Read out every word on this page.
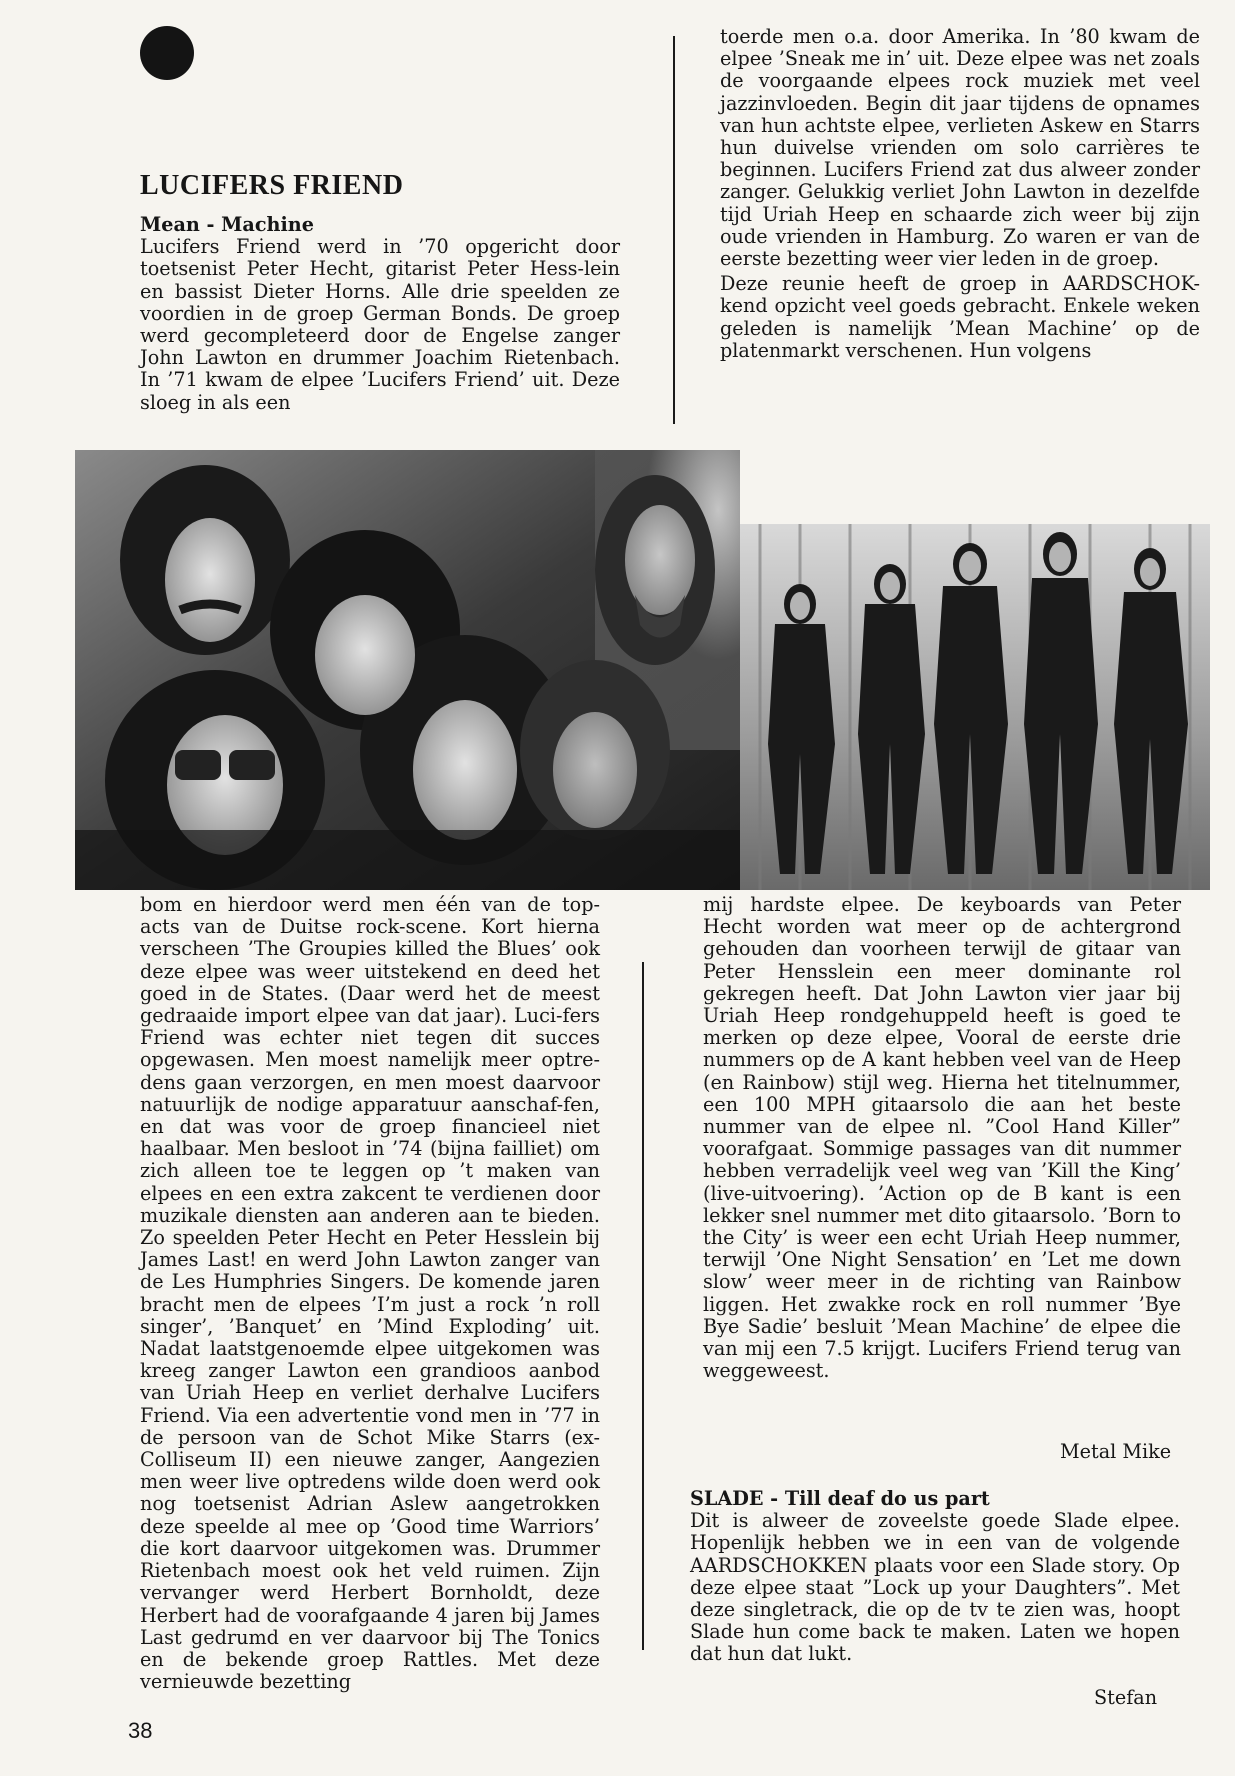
LUCIFERS FRIEND
Mean - Machine

Lucifers Friend werd in ’70 opgericht door toetsenist Peter Hecht, gitarist Peter Hess-lein en bassist Dieter Horns. Alle drie speelden ze voordien in de groep German Bonds. De groep werd gecompleteerd door de Engelse zanger John Lawton en drummer Joachim Rietenbach. In ’71 kwam de elpee ’Lucifers Friend’ uit. Deze sloeg in als een

toerde men o.a. door Amerika. In ’80 kwam de elpee ’Sneak me in’ uit. Deze elpee was net zoals de voorgaande elpees rock muziek met veel jazzinvloeden. Begin dit jaar tijdens de opnames van hun achtste elpee, verlieten Askew en Starrs hun duivelse vrienden om solo carrières te beginnen. Lucifers Friend zat dus alweer zonder zanger. Gelukkig verliet John Lawton in dezelfde tijd Uriah Heep en schaarde zich weer bij zijn oude vrienden in Hamburg. Zo waren er van de eerste bezetting weer vier leden in de groep.

Deze reunie heeft de groep in AARDSCHOK-kend opzicht veel goeds gebracht. Enkele weken geleden is namelijk ’Mean Machine’ op de platenmarkt verschenen. Hun volgens

bom en hierdoor werd men één van de top-acts van de Duitse rock-scene. Kort hierna verscheen ’The Groupies killed the Blues’ ook deze elpee was weer uitstekend en deed het goed in de States. (Daar werd het de meest gedraaide import elpee van dat jaar). Luci-fers Friend was echter niet tegen dit succes opgewasen. Men moest namelijk meer optre-dens gaan verzorgen, en men moest daarvoor natuurlijk de nodige apparatuur aanschaf-fen, en dat was voor de groep financieel niet haalbaar. Men besloot in ’74 (bijna failliet) om zich alleen toe te leggen op ’t maken van elpees en een extra zakcent te verdienen door muzikale diensten aan anderen aan te bieden. Zo speelden Peter Hecht en Peter Hesslein bij James Last! en werd John Lawton zanger van de Les Humphries Singers. De komende jaren bracht men de elpees ’I’m just a rock ’n roll singer’, ’Banquet’ en ’Mind Exploding’ uit. Nadat laatstgenoemde elpee uitgekomen was kreeg zanger Lawton een grandioos aanbod van Uriah Heep en verliet derhalve Lucifers Friend. Via een advertentie vond men in ’77 in de persoon van de Schot Mike Starrs (ex-Colliseum II) een nieuwe zanger, Aangezien men weer live optredens wilde doen werd ook nog toetsenist Adrian Aslew aangetrokken deze speelde al mee op ’Good time Warriors’ die kort daarvoor uitgekomen was. Drummer Rietenbach moest ook het veld ruimen. Zijn vervanger werd Herbert Bornholdt, deze Herbert had de voorafgaande 4 jaren bij James Last gedrumd en ver daarvoor bij The Tonics en de bekende groep Rattles. Met deze vernieuwde bezetting

mij hardste elpee. De keyboards van Peter Hecht worden wat meer op de achtergrond gehouden dan voorheen terwijl de gitaar van Peter Hensslein een meer dominante rol gekregen heeft. Dat John Lawton vier jaar bij Uriah Heep rondgehuppeld heeft is goed te merken op deze elpee, Vooral de eerste drie nummers op de A kant hebben veel van de Heep (en Rainbow) stijl weg. Hierna het titelnummer, een 100 MPH gitaarsolo die aan het beste nummer van de elpee nl. ”Cool Hand Killer” voorafgaat. Sommige passages van dit nummer hebben verradelijk veel weg van ’Kill the King’ (live-uitvoering). ’Action op de B kant is een lekker snel nummer met dito gitaarsolo. ’Born to the City’ is weer een echt Uriah Heep nummer, terwijl ’One Night Sensation’ en ’Let me down slow’ weer meer in de richting van Rainbow liggen. Het zwakke rock en roll nummer ’Bye Bye Sadie’ besluit ’Mean Machine’ de elpee die van mij een 7.5 krijgt. Lucifers Friend terug van weggeweest.

Metal Mike
SLADE - Till deaf do us part

Dit is alweer de zoveelste goede Slade elpee. Hopenlijk hebben we in een van de volgende AARDSCHOKKEN plaats voor een Slade story. Op deze elpee staat ”Lock up your Daughters”. Met deze singletrack, die op de tv te zien was, hoopt Slade hun come back te maken. Laten we hopen dat hun dat lukt.

Stefan
38
